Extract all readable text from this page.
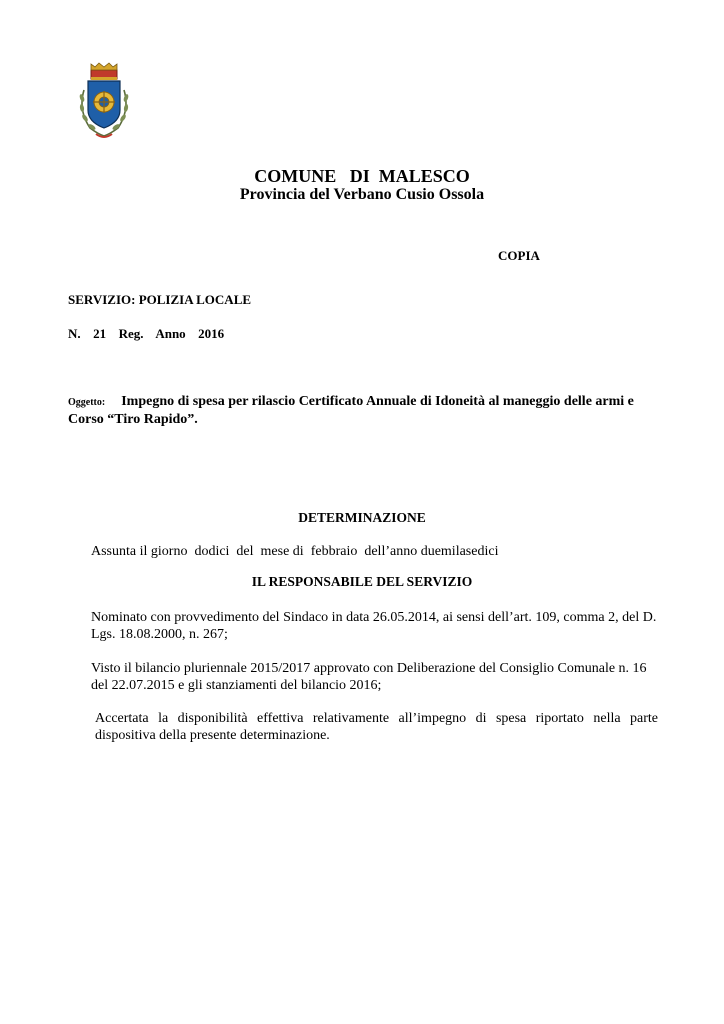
COMUNE   DI  MALESCO
Provincia del Verbano Cusio Ossola
COPIA
SERVIZIO: POLIZIA LOCALE
N.  21  Reg.  Anno  2016
Oggetto: Impegno di spesa per rilascio Certificato Annuale di Idoneità al maneggio delle armi e Corso “Tiro Rapido”.
DETERMINAZIONE
Assunta il giorno  dodici  del  mese di  febbraio  dell’anno duemilasedici
IL RESPONSABILE DEL SERVIZIO
Nominato con provvedimento del Sindaco in data 26.05.2014, ai sensi dell’art. 109, comma 2, del D. Lgs. 18.08.2000, n. 267;
Visto il bilancio pluriennale 2015/2017 approvato con Deliberazione del Consiglio Comunale n. 16 del 22.07.2015 e gli stanziamenti del bilancio 2016;
Accertata la disponibilità effettiva relativamente all’impegno di spesa riportato nella parte dispositiva della presente determinazione.
